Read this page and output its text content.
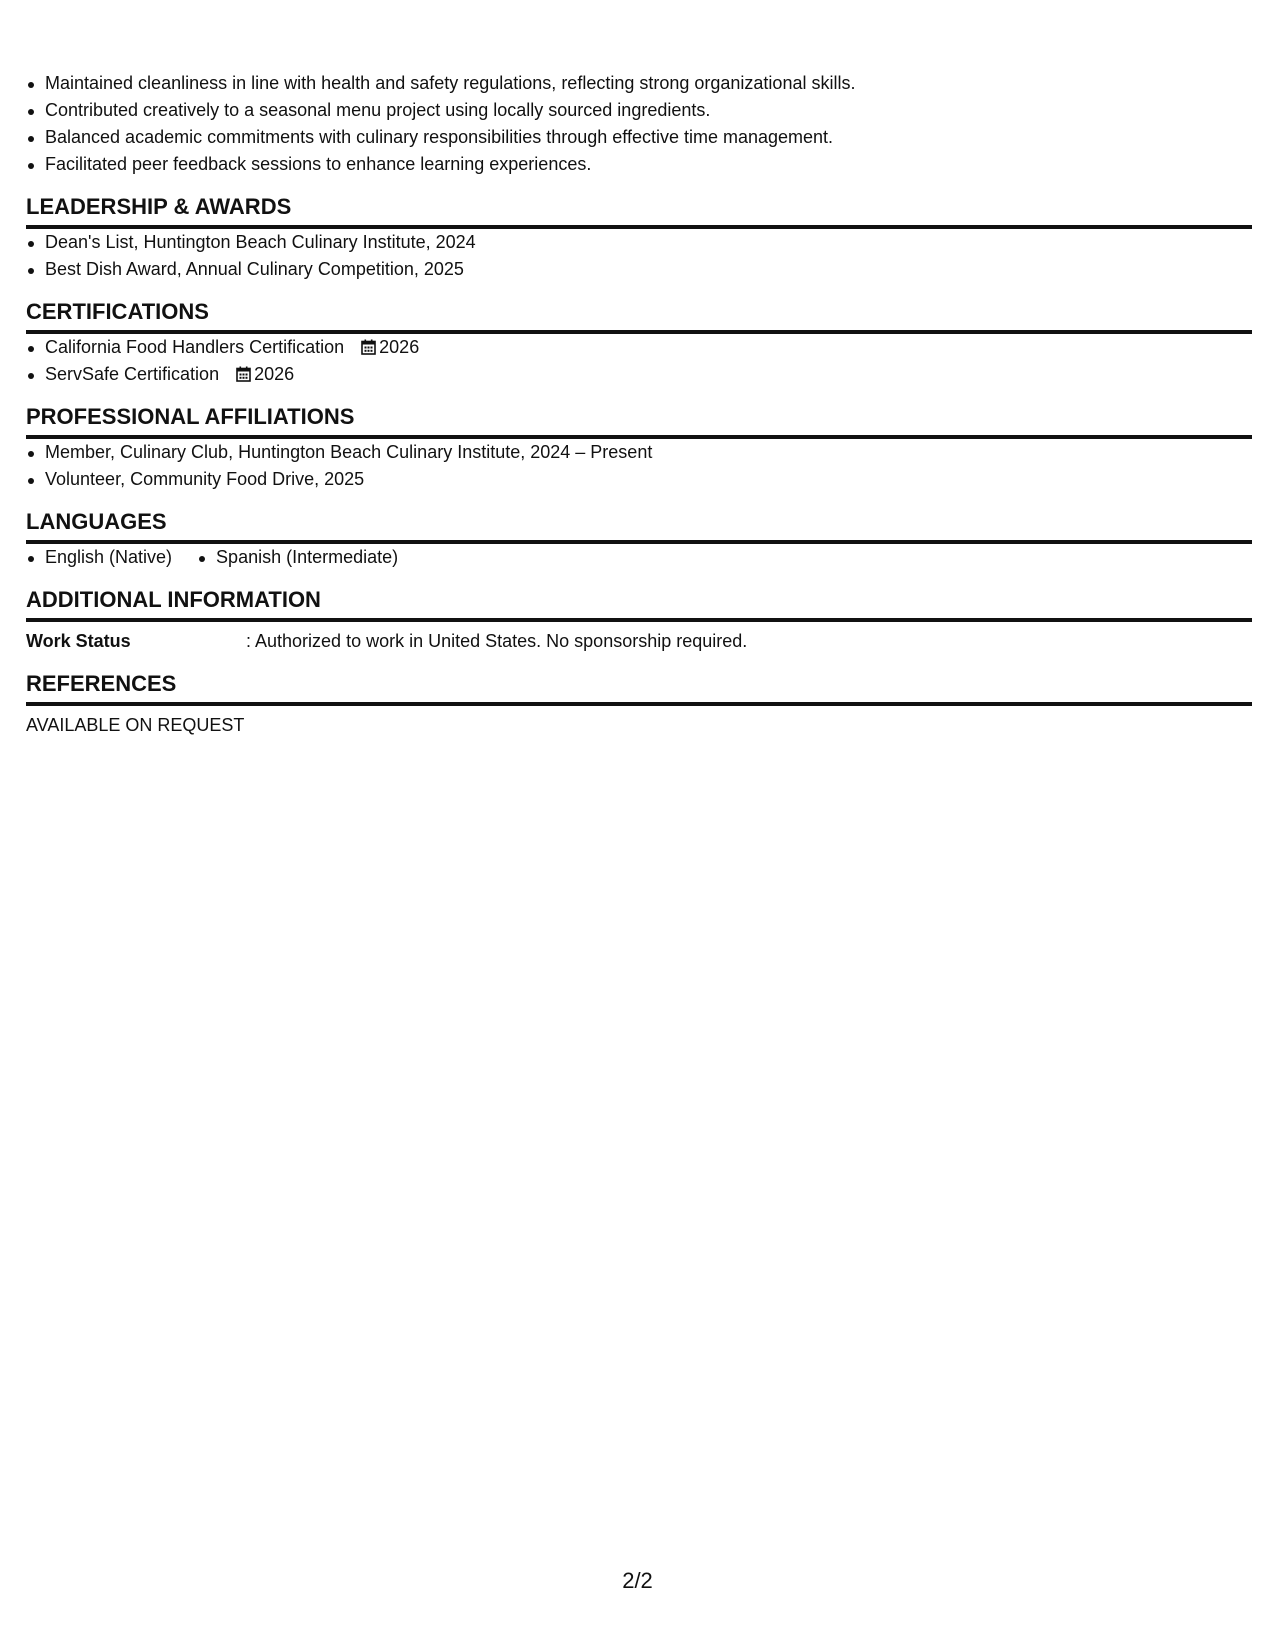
Maintained cleanliness in line with health and safety regulations, reflecting strong organizational skills.
Contributed creatively to a seasonal menu project using locally sourced ingredients.
Balanced academic commitments with culinary responsibilities through effective time management.
Facilitated peer feedback sessions to enhance learning experiences.
LEADERSHIP & AWARDS
Dean's List, Huntington Beach Culinary Institute, 2024
Best Dish Award, Annual Culinary Competition, 2025
CERTIFICATIONS
California Food Handlers Certification 2026
ServSafe Certification 2026
PROFESSIONAL AFFILIATIONS
Member, Culinary Club, Huntington Beach Culinary Institute, 2024 – Present
Volunteer, Community Food Drive, 2025
LANGUAGES
English (Native)	Spanish (Intermediate)
ADDITIONAL INFORMATION
Work Status	: Authorized to work in United States. No sponsorship required.
REFERENCES
AVAILABLE ON REQUEST
2/2
